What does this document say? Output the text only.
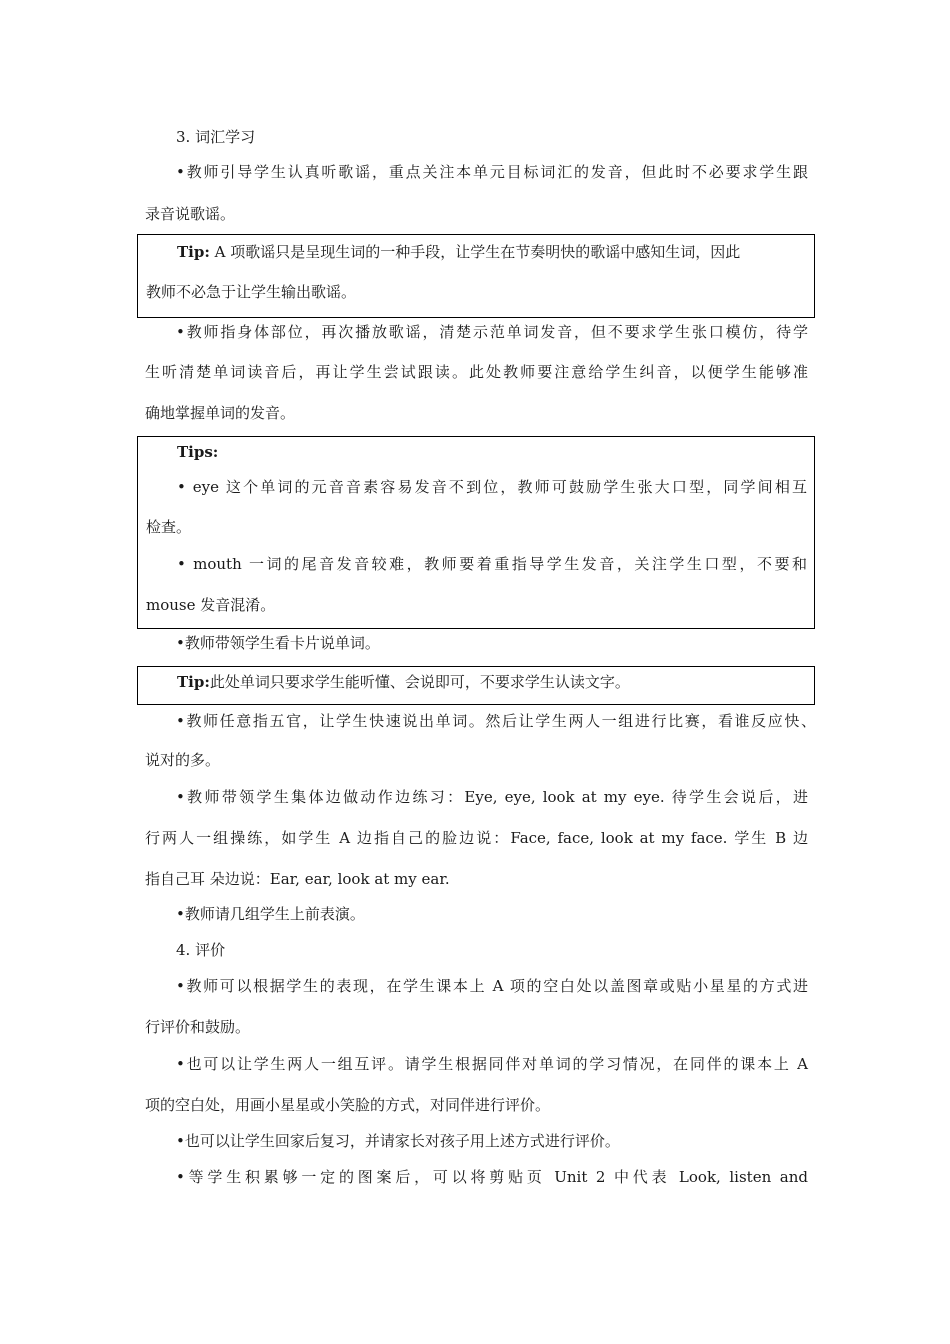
3. 词汇学习
•教师引导学生认真听歌谣，重点关注本单元目标词汇的发音，但此时不必要求学生跟
录音说歌谣。
Tip: A 项歌谣只是呈现生词的一种手段，让学生在节奏明快的歌谣中感知生词，因此
教师不必急于让学生输出歌谣。
•教师指身体部位，再次播放歌谣，清楚示范单词发音，但不要求学生张口模仿，待学
生听清楚单词读音后，再让学生尝试跟读。此处教师要注意给学生纠音，以便学生能够准
确地掌握单词的发音。
Tips:
• eye 这个单词的元音音素容易发音不到位，教师可鼓励学生张大口型，同学间相互
检查。
• mouth 一词的尾音发音较难，教师要着重指导学生发音，关注学生口型，不要和
mouse 发音混淆。
•教师带领学生看卡片说单词。
Tip:此处单词只要求学生能听懂、会说即可，不要求学生认读文字。
•教师任意指五官，让学生快速说出单词。然后让学生两人一组进行比赛，看谁反应快、
说对的多。
•教师带领学生集体边做动作边练习：Eye, eye, look at my eye. 待学生会说后，进
行两人一组操练，如学生 A 边指自己的脸边说：Face, face, look at my face. 学生 B 边
指自己耳 朵边说：Ear, ear, look at my ear.
•教师请几组学生上前表演。
4. 评价
•教师可以根据学生的表现，在学生课本上 A 项的空白处以盖图章或贴小星星的方式进
行评价和鼓励。
•也可以让学生两人一组互评。请学生根据同伴对单词的学习情况，在同伴的课本上 A
项的空白处，用画小星星或小笑脸的方式，对同伴进行评价。
•也可以让学生回家后复习，并请家长对孩子用上述方式进行评价。
•等学生积累够一定的图案后，可以将剪贴页 Unit 2 中代表 Look, listen and
